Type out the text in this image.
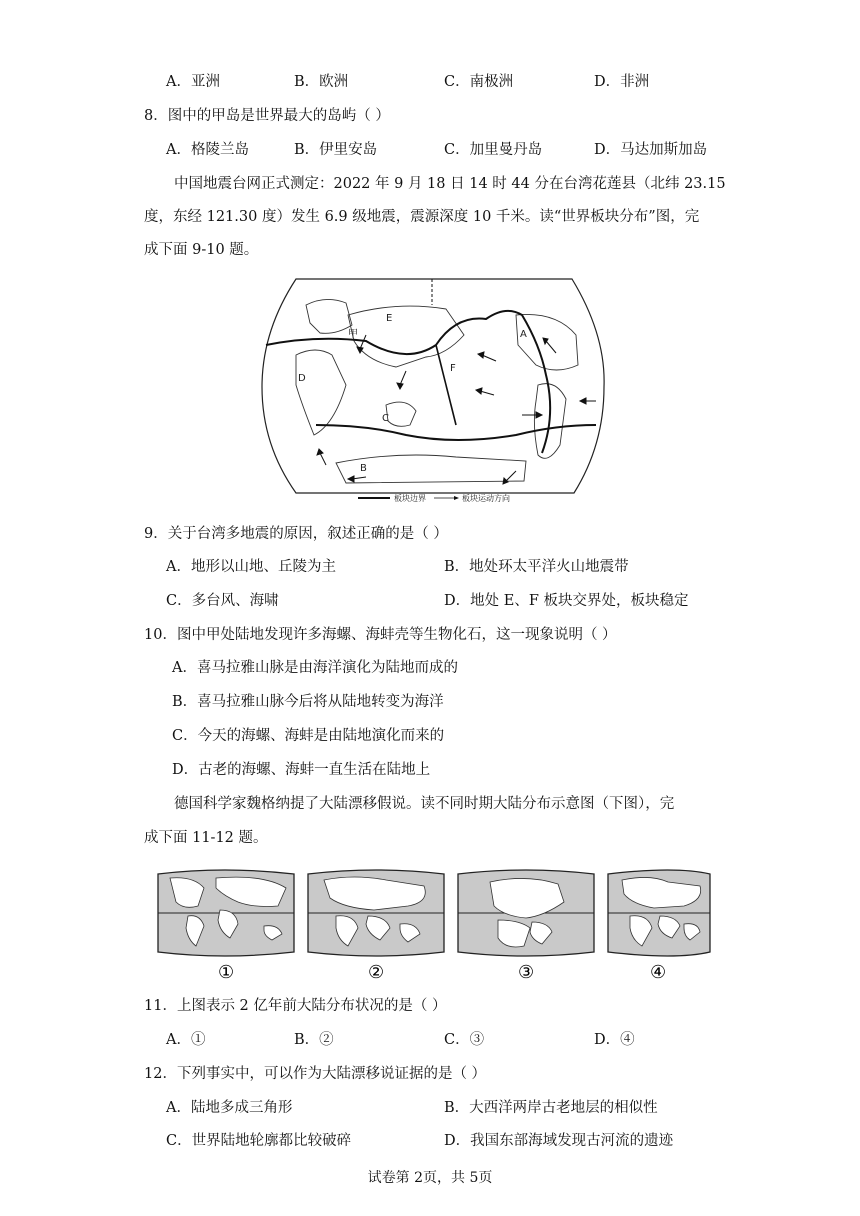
A．亚洲	B．欧洲	C．南极洲	D．非洲
8．图中的甲岛是世界最大的岛屿（ ）
A．格陵兰岛	B．伊里安岛	C．加里曼丹岛	D．马达加斯加岛
中国地震台网正式测定：2022 年 9 月 18 日 14 时 44 分在台湾花莲县（北纬 23.15
度，东经 121.30 度）发生 6.9 级地震，震源深度 10 千米。读“世界板块分布”图，完
成下面 9-10 题。
A
B
C
D
E
F
甲
板块边界	板块运动方向
9．关于台湾多地震的原因，叙述正确的是（ ）
A．地形以山地、丘陵为主	B．地处环太平洋火山地震带
C．多台风、海啸	D．地处 E、F 板块交界处，板块稳定
10．图中甲处陆地发现许多海螺、海蚌壳等生物化石，这一现象说明（ ）
A．喜马拉雅山脉是由海洋演化为陆地而成的
B．喜马拉雅山脉今后将从陆地转变为海洋
C．今天的海螺、海蚌是由陆地演化而来的
D．古老的海螺、海蚌一直生活在陆地上
德国科学家魏格纳提了大陆漂移假说。读不同时期大陆分布示意图（下图），完
成下面 11-12 题。
①	②	③	④
11．上图表示 2 亿年前大陆分布状况的是（ ）
A．①	B．②	C．③	D．④
12．下列事实中，可以作为大陆漂移说证据的是（ ）
A．陆地多成三角形	B．大西洋两岸古老地层的相似性
C．世界陆地轮廓都比较破碎	D．我国东部海域发现古河流的遗迹
试卷第 2页，共 5页
